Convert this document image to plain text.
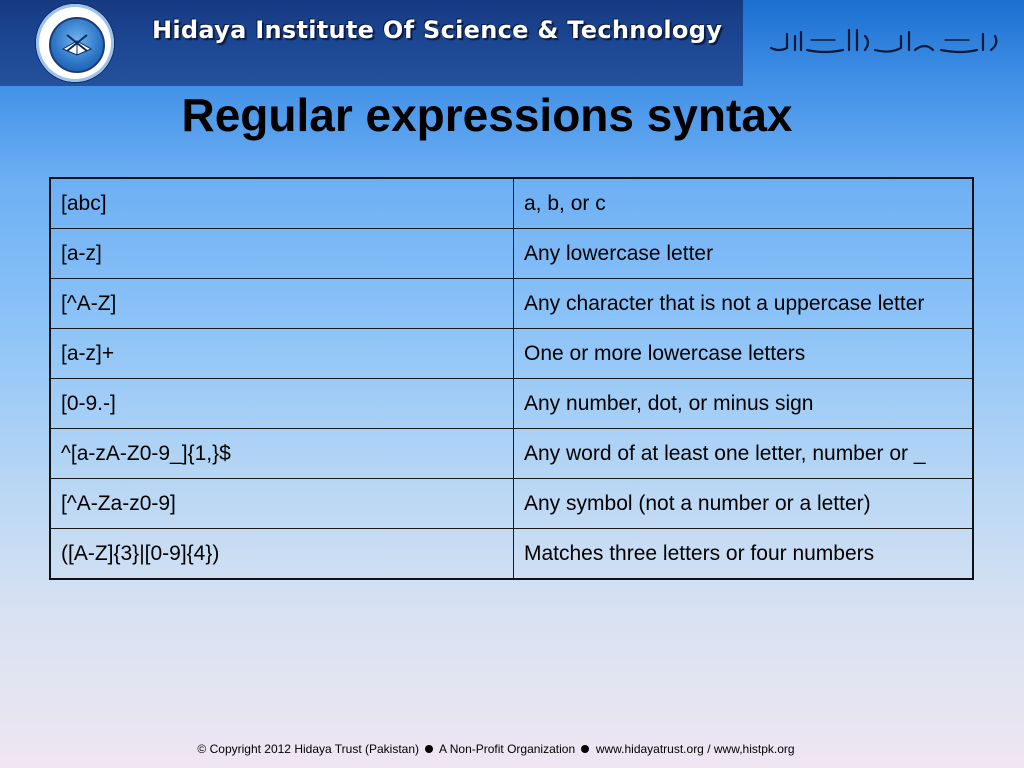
Hidaya Institute Of Science & Technology
Regular expressions syntax
[abc]	a, b, or c
[a-z]	Any lowercase letter
[^A-Z]	Any character that is not a uppercase letter
[a-z]+	One or more lowercase letters
[0-9.-]	Any number, dot, or minus sign
^[a-zA-Z0-9_]{1,}$	Any word of at least one letter, number or _
[^A-Za-z0-9]	Any symbol (not a number or a letter)
([A-Z]{3}|[0-9]{4})	Matches three letters or four numbers
© Copyright 2012 Hidaya Trust (Pakistan) A Non-Profit Organization www.hidayatrust.org / www,histpk.org
